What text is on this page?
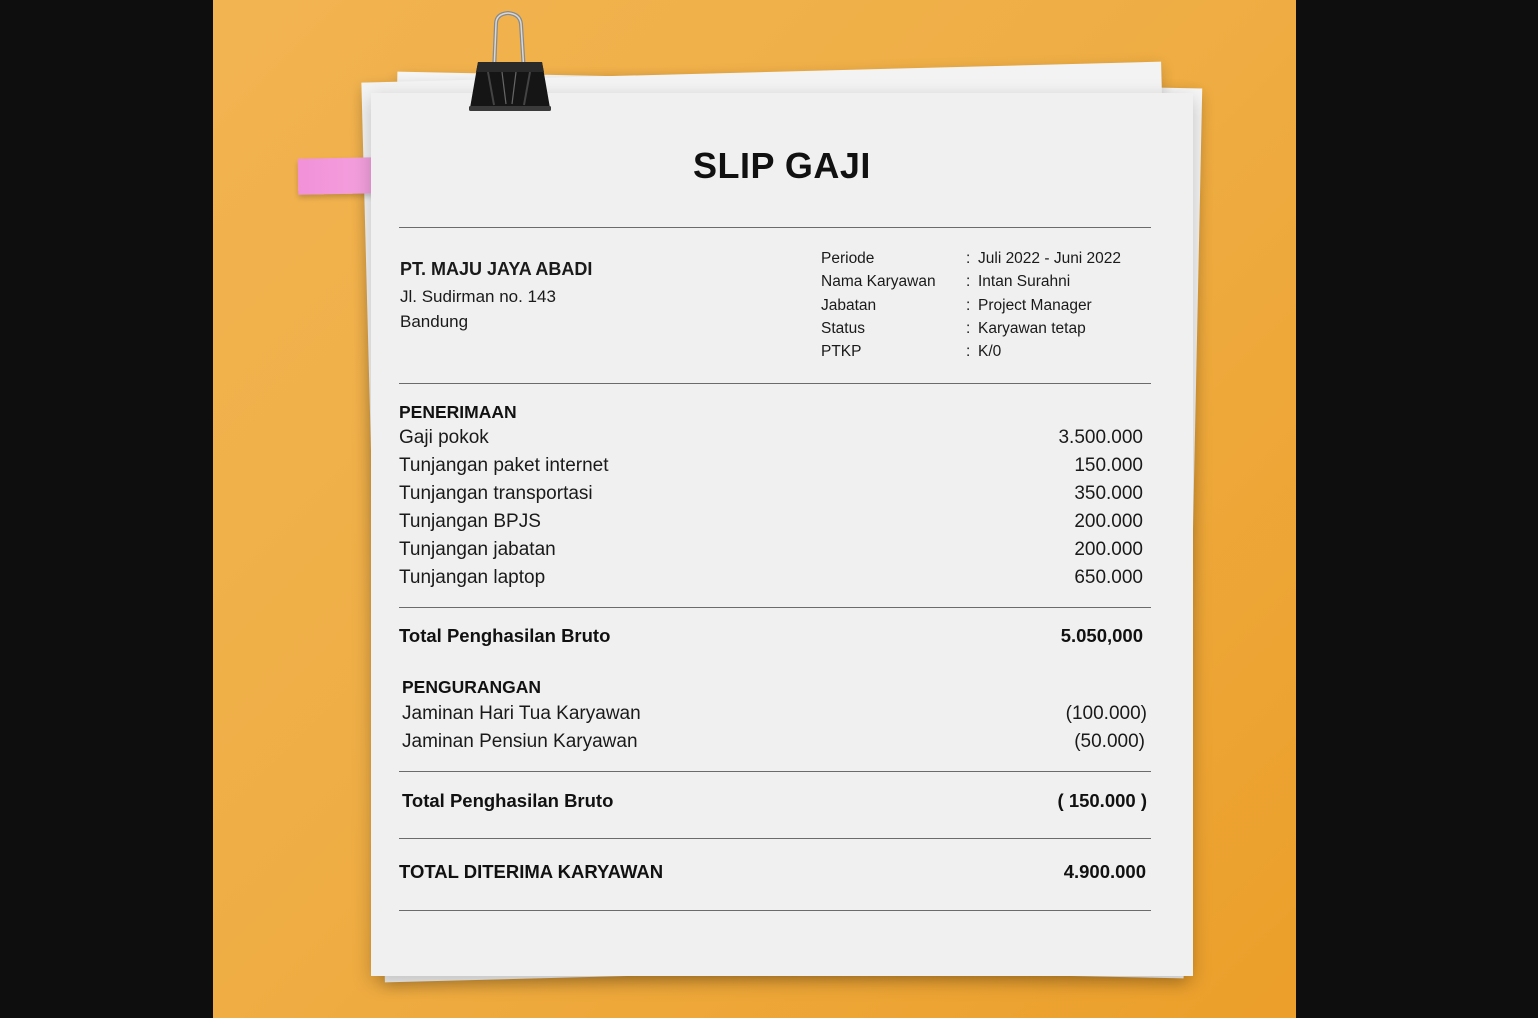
SLIP GAJI
PT. MAJU JAYA ABADI
Jl. Sudirman no. 143
Bandung
Periode	: Juli 2022 - Juni 2022
Nama Karyawan	: Intan Surahni
Jabatan	: Project Manager
Status	: Karyawan tetap
PTKP	: K/0
PENERIMAAN
Gaji pokok	3.500.000
Tunjangan paket internet	150.000
Tunjangan transportasi	350.000
Tunjangan BPJS	200.000
Tunjangan jabatan	200.000
Tunjangan laptop	650.000
Total Penghasilan Bruto	5.050,000
PENGURANGAN
Jaminan Hari Tua Karyawan	(100.000)
Jaminan Pensiun Karyawan	(50.000)
Total Penghasilan Bruto	( 150.000 )
TOTAL DITERIMA KARYAWAN	4.900.000
